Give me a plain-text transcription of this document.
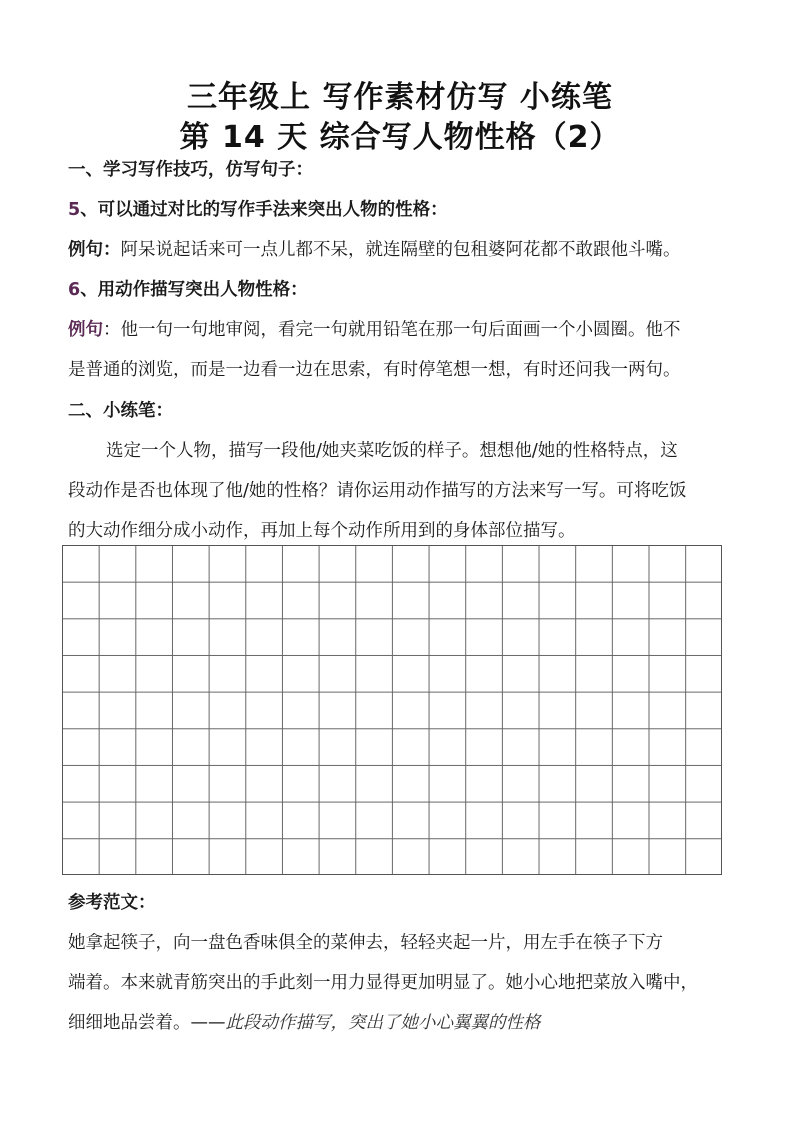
三年级上 写作素材仿写 小练笔
第 14 天 综合写人物性格（2）

一、学习写作技巧，仿写句子：

5、可以通过对比的写作手法来突出人物的性格：

例句：阿呆说起话来可一点儿都不呆，就连隔壁的包租婆阿花都不敢跟他斗嘴。

6、用动作描写突出人物性格：

例句：他一句一句地审阅，看完一句就用铅笔在那一句后面画一个小圆圈。他不

是普通的浏览，而是一边看一边在思索，有时停笔想一想，有时还问我一两句。

二、小练笔：

选定一个人物，描写一段他/她夹菜吃饭的样子。想想他/她的性格特点，这

段动作是否也体现了他/她的性格？请你运用动作描写的方法来写一写。可将吃饭

的大动作细分成小动作，再加上每个动作所用到的身体部位描写。

参考范文：

她拿起筷子，向一盘色香味俱全的菜伸去，轻轻夹起一片，用左手在筷子下方

端着。本来就青筋突出的手此刻一用力显得更加明显了。她小心地把菜放入嘴中，

细细地品尝着。——此段动作描写，突出了她小心翼翼的性格
